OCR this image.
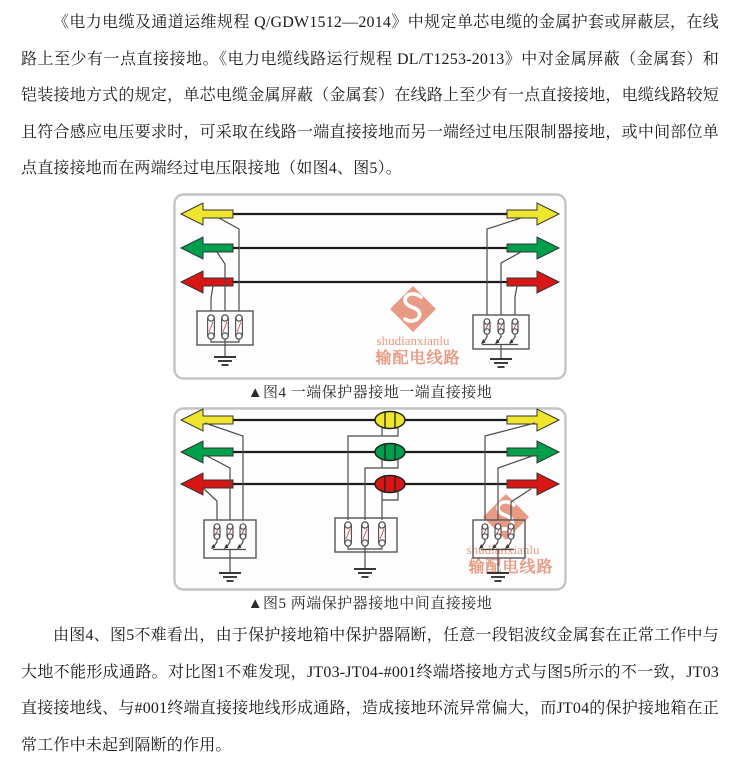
《电力电缆及通道运维规程 Q/GDW1512—2014》中规定单芯电缆的金属护套或屏蔽层，在线路上至少有一点直接接地。《电力电缆线路运行规程 DL/T1253-2013》中对金属屏蔽（金属套）和铠装接地方式的规定，单芯电缆金属屏蔽（金属套）在线路上至少有一点直接接地，电缆线路较短且符合感应电压要求时，可采取在线路一端直接接地而另一端经过电压限制器接地，或中间部位单点直接接地而在两端经过电压限接地（如图4、图5）。

shudianxianlu
输配电线路
▲图4 一端保护器接地一端直接接地
shudianxianlu
输配电线路
▲图5 两端保护器接地中间直接接地

由图4、图5不难看出，由于保护接地箱中保护器隔断，任意一段铝波纹金属套在正常工作中与大地不能形成通路。对比图1不难发现，JT03-JT04-#001终端塔接地方式与图5所示的不一致，JT03直接接地线、与#001终端直接接地线形成通路，造成接地环流异常偏大，而JT04的保护接地箱在正常工作中未起到隔断的作用。
